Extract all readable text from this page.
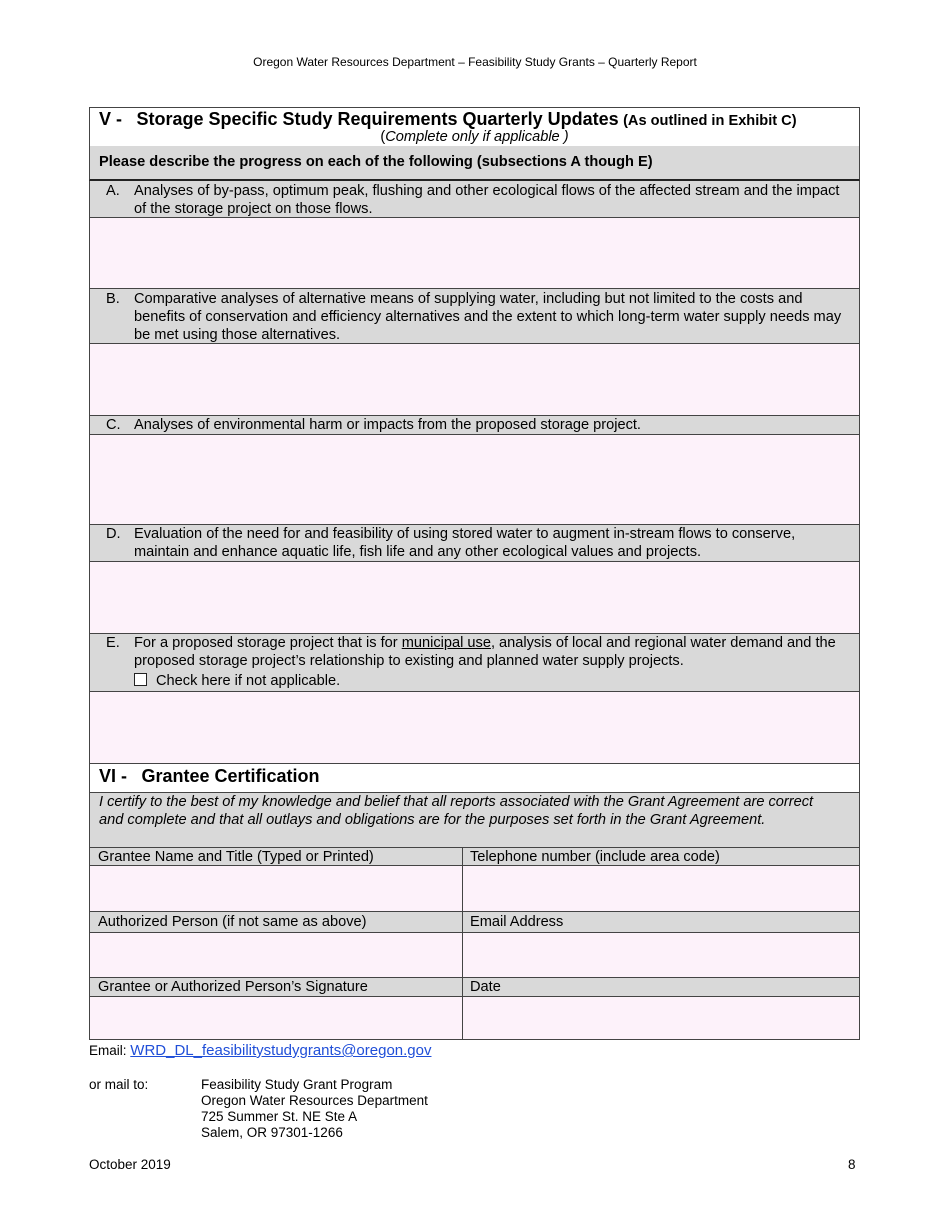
Oregon Water Resources Department – Feasibility Study Grants – Quarterly Report
V - Storage Specific Study Requirements Quarterly Updates (As outlined in Exhibit C)
(Complete only if applicable )
Please describe the progress on each of the following (subsections A though E)
A. Analyses of by-pass, optimum peak, flushing and other ecological flows of the affected stream and the impact of the storage project on those flows.
B. Comparative analyses of alternative means of supplying water, including but not limited to the costs and benefits of conservation and efficiency alternatives and the extent to which long-term water supply needs may be met using those alternatives.
C. Analyses of environmental harm or impacts from the proposed storage project.
D. Evaluation of the need for and feasibility of using stored water to augment in-stream flows to conserve, maintain and enhance aquatic life, fish life and any other ecological values and projects.
E. For a proposed storage project that is for municipal use, analysis of local and regional water demand and the proposed storage project’s relationship to existing and planned water supply projects.
Check here if not applicable.
VI - Grantee Certification
I certify to the best of my knowledge and belief that all reports associated with the Grant Agreement are correct and complete and that all outlays and obligations are for the purposes set forth in the Grant Agreement.
Grantee Name and Title (Typed or Printed)	Telephone number (include area code)
Authorized Person (if not same as above)	Email Address
Grantee or Authorized Person’s Signature	Date
Email: WRD_DL_feasibilitystudygrants@oregon.gov
or mail to:	Feasibility Study Grant Program
Oregon Water Resources Department
725 Summer St. NE Ste A
Salem, OR 97301-1266
October 2019	8
